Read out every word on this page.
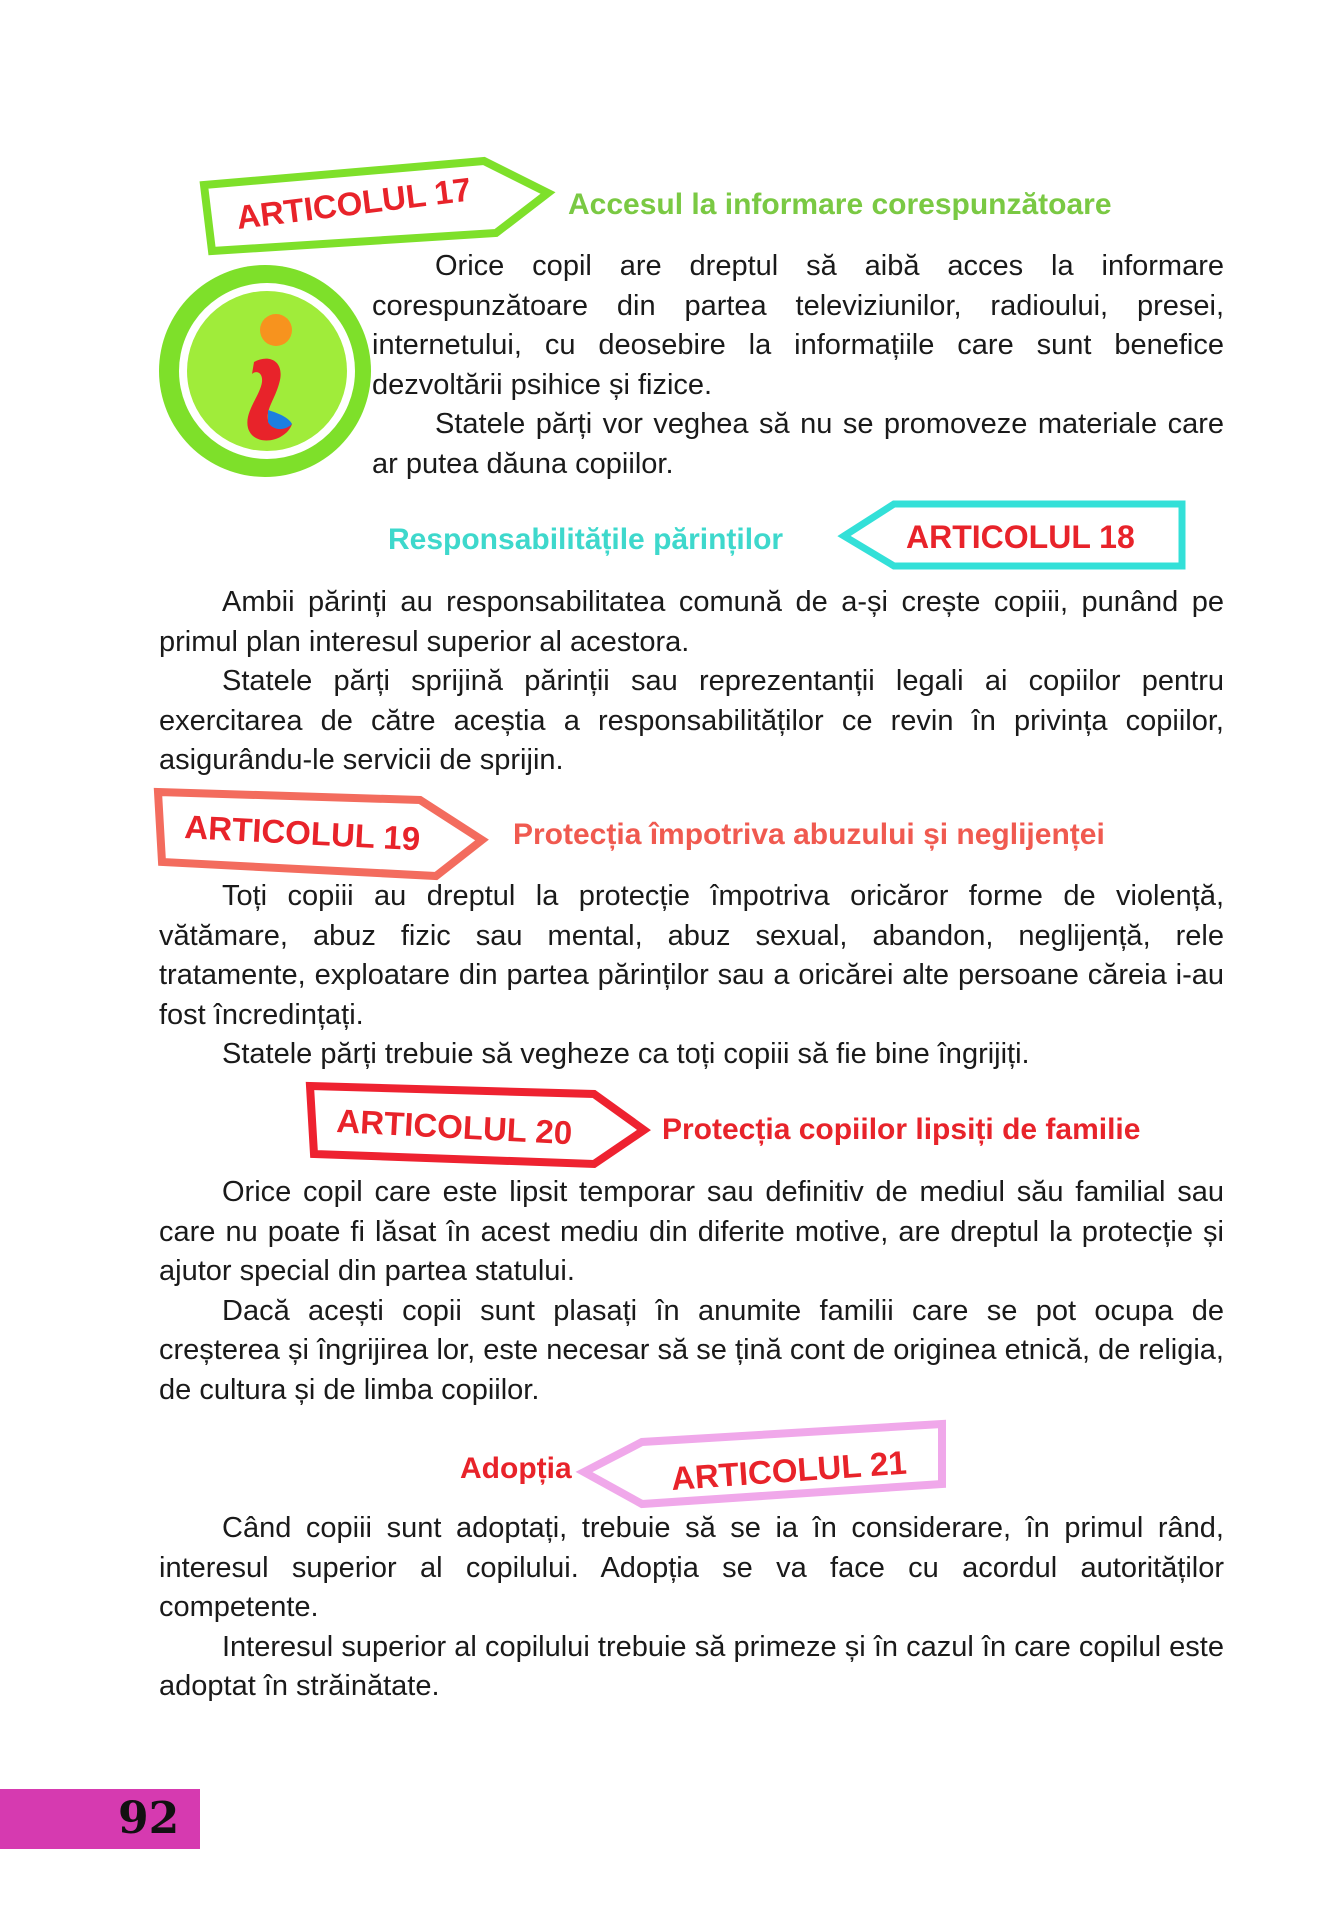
ARTICOLUL 17	Accesul la informare corespunzătoare

Orice copil are dreptul să aibă acces la informare corespunzătoare din partea televiziunilor, radioului, presei, internetului, cu deosebire la informațiile care sunt benefice dezvoltării psihice și fizice.

Statele părți vor veghea să nu se promoveze materiale care ar putea dăuna copiilor.

Responsabilitățile părinților	ARTICOLUL 18

Ambii părinți au responsabilitatea comună de a-și crește copiii, punând pe primul plan interesul superior al acestora.

Statele părți sprijină părinții sau reprezentanții legali ai copiilor pentru exercitarea de către aceștia a responsabilităților ce revin în privința copiilor, asigurându-le servicii de sprijin.

ARTICOLUL 19	Protecția împotriva abuzului și neglijenței

Toți copiii au dreptul la protecție împotriva oricăror forme de violență, vătămare, abuz fizic sau mental, abuz sexual, abandon, neglijență, rele tratamente, exploatare din partea părinților sau a oricărei alte persoane căreia i-au fost încredințați.

Statele părți trebuie să vegheze ca toți copiii să fie bine îngrijiți.

ARTICOLUL 20	Protecția copiilor lipsiți de familie

Orice copil care este lipsit temporar sau definitiv de mediul său familial sau care nu poate fi lăsat în acest mediu din diferite motive, are dreptul la protecție și ajutor special din partea statului.

Dacă acești copii sunt plasați în anumite familii care se pot ocupa de creșterea și îngrijirea lor, este necesar să se țină cont de originea etnică, de religia, de cultura și de limba copiilor.

Adopția	ARTICOLUL 21

Când copiii sunt adoptați, trebuie să se ia în considerare, în primul rând, interesul superior al copilului. Adopția se va face cu acordul autorităților competente.

Interesul superior al copilului trebuie să primeze și în cazul în care copilul este adoptat în străinătate.

92
